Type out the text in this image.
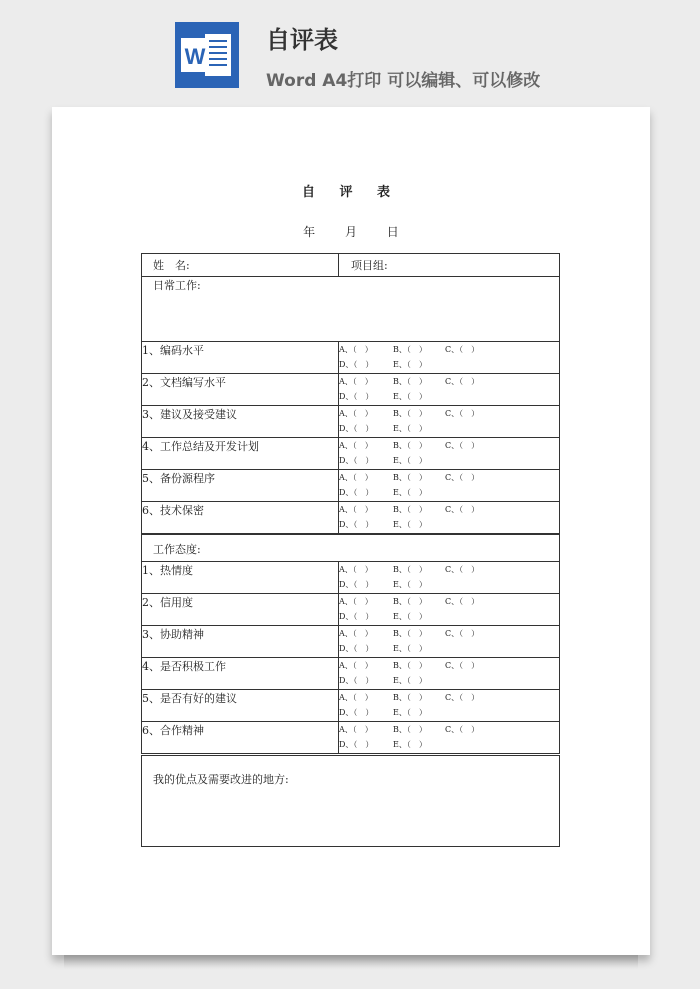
W
自评表
Word A4打印 可以编辑、可以修改
自 评 表
年 月 日
姓　名:	项目组:
日常工作:
工作态度:
我的优点及需要改进的地方:
1、编码水平	A、（　）	B、（　） C、（　）
D、（　） E、（　）
2、文档编写水平	A、（　）	B、（　） C、（　）
D、（　） E、（　）
3、建议及接受建议	A、（　）	B、（　） C、（　）
D、（　） E、（　）
4、工作总结及开发计划	A、（　）	B、（　） C、（　）
D、（　） E、（　）
5、备份源程序	A、（　）	B、（　） C、（　）
D、（　） E、（　）
6、技术保密	A、（　）	B、（　） C、（　）
D、（　） E、（　）
1、热情度	A、（　）	B、（　） C、（　）
D、（　） E、（　）
2、信用度	A、（　）	B、（　） C、（　）
D、（　） E、（　）
3、协助精神	A、（　）	B、（　） C、（　）
D、（　） E、（　）
4、是否积极工作	A、（　）	B、（　） C、（　）
D、（　） E、（　）
5、是否有好的建议	A、（　）	B、（　） C、（　）
D、（　） E、（　）
6、合作精神	A、（　）	B、（　） C、（　）
D、（　） E、（　）
